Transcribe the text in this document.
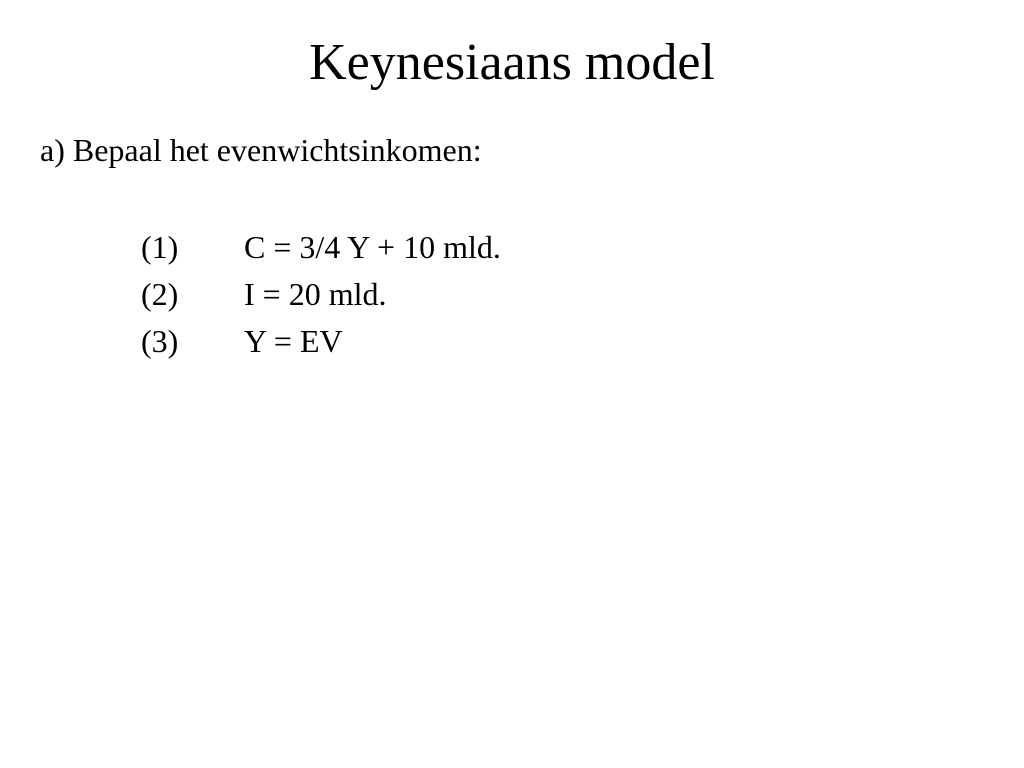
Keynesiaans model

a) Bepaal het evenwichtsinkomen:

(1)	C = 3/4 Y + 10 mld.
(2)	I = 20 mld.
(3)	Y = EV
